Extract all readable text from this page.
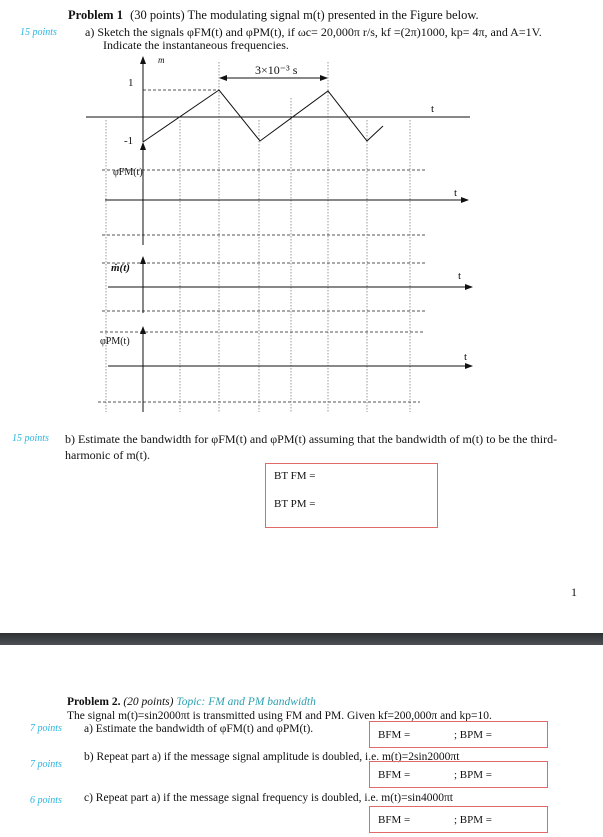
Problem 1 (30 points) The modulating signal m(t) presented in the Figure below.
15 points a) Sketch the signals φFM(t) and φPM(t), if ωc= 20,000π r/s, kf =(2π)1000, kp= 4π, and A=1V.
Indicate the instantaneous frequencies.
m
3×10⁻³ s
1
-1
t
t
t
t
φFM(t)
ṁ(t)
φPM(t)
15 points b) Estimate the bandwidth for φFM(t) and φPM(t) assuming that the bandwidth of m(t) to be the third-
harmonic of m(t).
BT FM =
BT PM =
1
Problem 2. (20 points) Topic: FM and PM bandwidth
The signal m(t)=sin2000πt is transmitted using FM and PM. Given kf=200,000π and kp=10.
7 points a) Estimate the bandwidth of φFM(t) and φPM(t).	BFM =	; BPM =
7 points
b) Repeat part a) if the message signal amplitude is doubled, i.e. m(t)=2sin2000πt
BFM =	; BPM =
6 points c) Repeat part a) if the message signal frequency is doubled, i.e. m(t)=sin4000πt
BFM =	; BPM =
